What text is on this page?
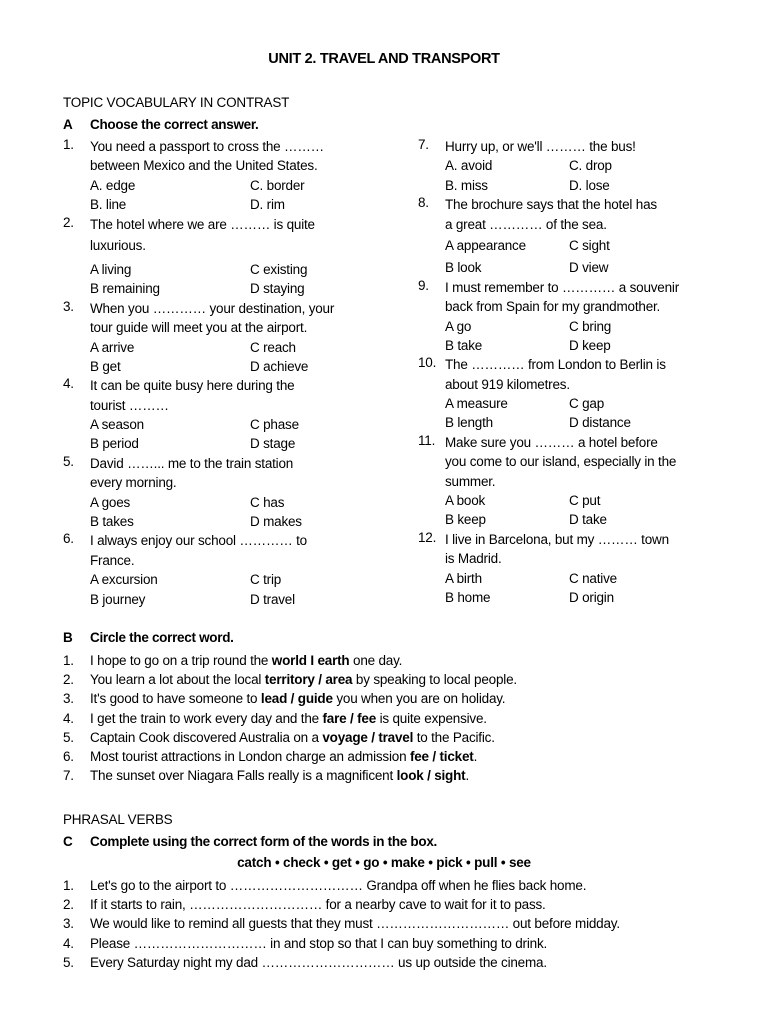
UNIT 2. TRAVEL AND TRANSPORT
TOPIC VOCABULARY IN CONTRAST
A Choose the correct answer.
1.	You need a passport to cross the ………
between Mexico and the United States.
A. edge	C. border
B. line	D. rim
2.	The hotel where we are ……… is quite
luxurious.
A living	C existing
B remaining	D staying
3.	When you ………… your destination, your
tour guide will meet you at the airport.
A arrive	C reach
B get	D achieve
4.	It can be quite busy here during the
tourist ………
A season	C phase
B period	D stage
5.	David ……... me to the train station
every morning.
A goes	C has
B takes	D makes
6.	I always enjoy our school ………… to
France.
A excursion	C trip
B journey	D travel
7.	Hurry up, or we'll ……… the bus!
A. avoid	C. drop
B. miss	D. lose
8.	The brochure says that the hotel has
a great ………… of the sea.
A appearance	C sight
B look	D view
9.	I must remember to ………… a souvenir
back from Spain for my grandmother.
A go	C bring
B take	D keep
10. The ………… from London to Berlin is
about 919 kilometres.
A measure	C gap
B length	D distance
11. Make sure you ……… a hotel before
you come to our island, especially in the
summer.
A book	C put
B keep	D take
12. I live in Barcelona, but my ……… town
is Madrid.
A birth	C native
B home	D origin
B Circle the correct word.
1. I hope to go on a trip round the world I earth one day.
2. You learn a lot about the local territory / area by speaking to local people.
3. It's good to have someone to lead / guide you when you are on holiday.
4. I get the train to work every day and the fare / fee is quite expensive.
5. Captain Cook discovered Australia on a voyage / travel to the Pacific.
6. Most tourist attractions in London charge an admission fee / ticket.
7. The sunset over Niagara Falls really is a magnificent look / sight.
PHRASAL VERBS
C Complete using the correct form of the words in the box.
catch • check • get • go • make • pick • pull • see
1. Let's go to the airport to ………………………… Grandpa off when he flies back home.
2. If it starts to rain, ………………………… for a nearby cave to wait for it to pass.
3. We would like to remind all guests that they must ………………………… out before midday.
4. Please ………………………… in and stop so that I can buy something to drink.
5. Every Saturday night my dad ………………………… us up outside the cinema.
